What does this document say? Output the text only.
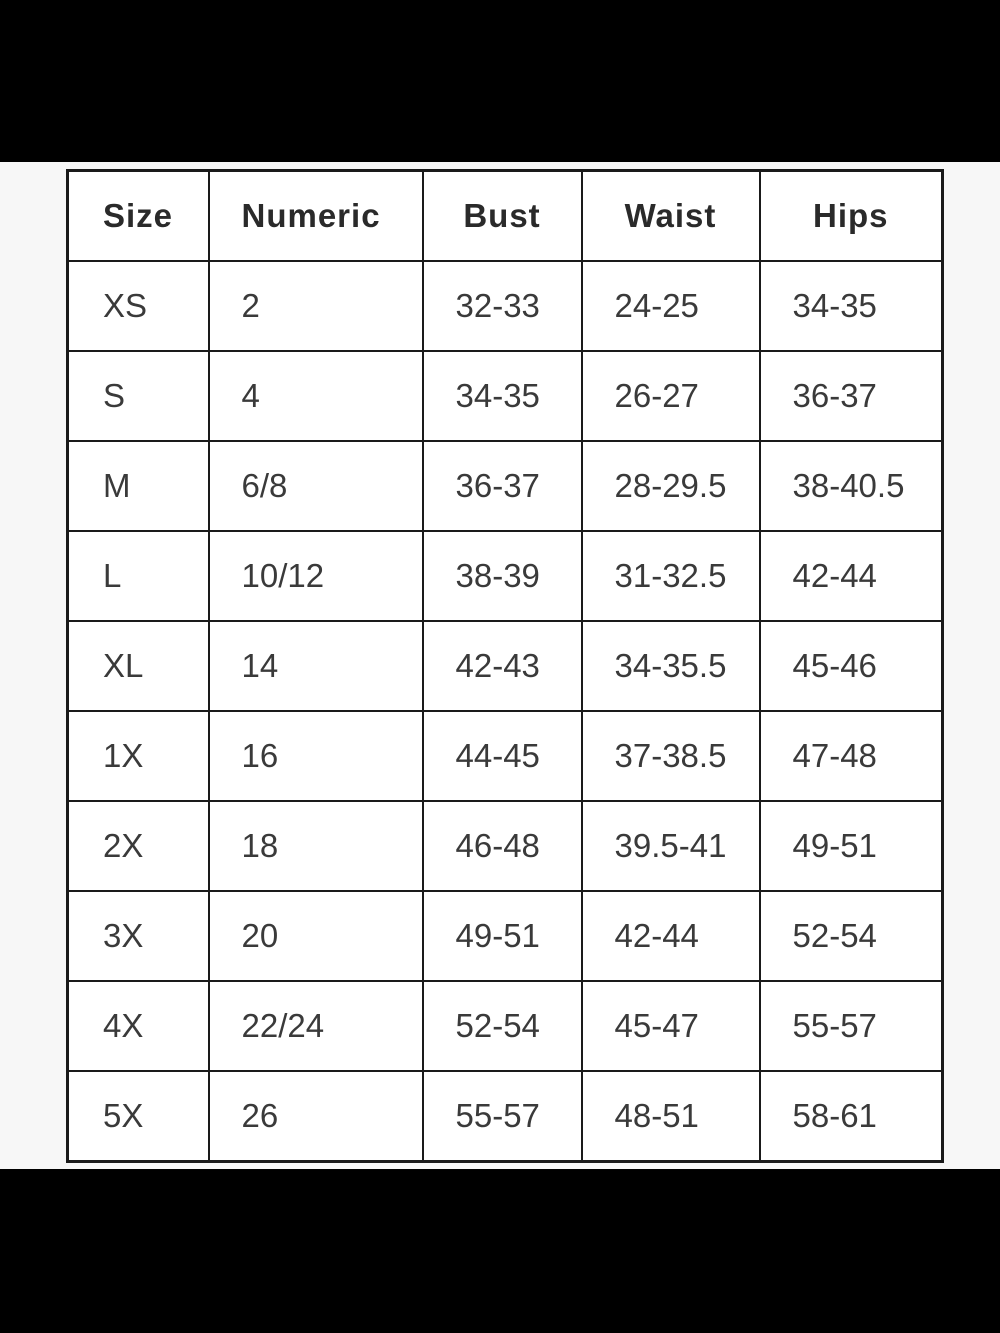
Size	Numeric	Bust	Waist	Hips
XS	2	32-33	24-25	34-35
S	4	34-35	26-27	36-37
M	6/8	36-37	28-29.5	38-40.5
L	10/12	38-39	31-32.5	42-44
XL	14	42-43	34-35.5	45-46
1X	16	44-45	37-38.5	47-48
2X	18	46-48	39.5-41	49-51
3X	20	49-51	42-44	52-54
4X	22/24	52-54	45-47	55-57
5X	26	55-57	48-51	58-61
